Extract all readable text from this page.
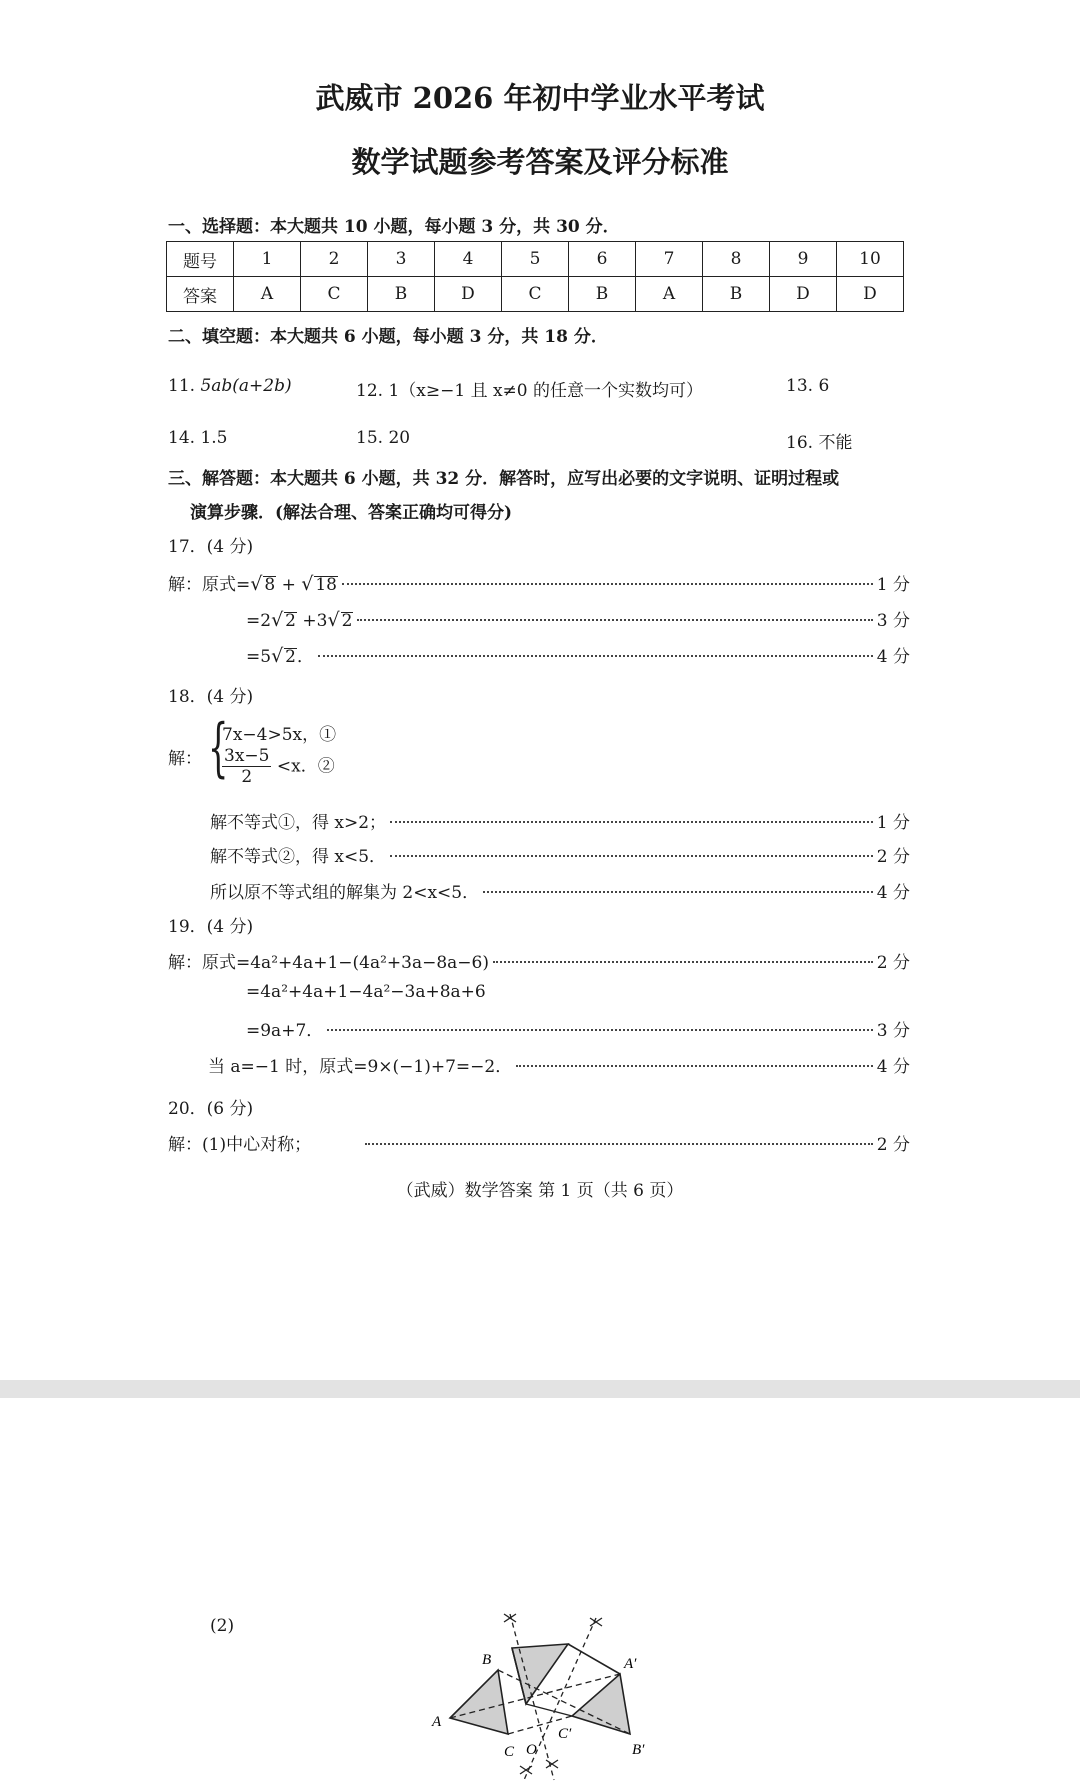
武威市 2026 年初中学业水平考试
数学试题参考答案及评分标准
一、选择题：本大题共 10 小题，每小题 3 分，共 30 分．
题号	1	2	3	4	5	6	7	8	9	10
答案	A	C	B	D	C	B	A	B	D	D
二、填空题：本大题共 6 小题，每小题 3 分，共 18 分．
11. 5ab(a+2b)	12. 1（x≥−1 且 x≠0 的任意一个实数均可）	13. 6
14. 1.5	15. 20	16. 不能
三、解答题：本大题共 6 小题，共 32 分．解答时，应写出必要的文字说明、证明过程或
演算步骤．(解法合理、答案正确均可得分)
17．(4 分)
解：原式=√ 8 + √ 18	1 分
=2√ 2 +3√ 2	3 分
=5√ 2．	4 分
18．(4 分)
解： {
7x−4>5x，①
$\frac{3x-5}{2} <x$．②
解不等式①，得 x>2；	1 分
解不等式②，得 x<5．	2 分
所以原不等式组的解集为 2<x<5．	4 分
19．(4 分)
解：原式=4a²+4a+1−(4a²+3a−8a−6)	2 分
=4a²+4a+1−4a²−3a+8a+6
=9a+7．	3 分
当 a=−1 时，原式=9×(−1)+7=−2．	4 分
20．(6 分)
解：(1)中心对称；	2 分
（武威）数学答案 第 1 页（共 6 页）
(2)
A
B
C O
A′
B′
C′
